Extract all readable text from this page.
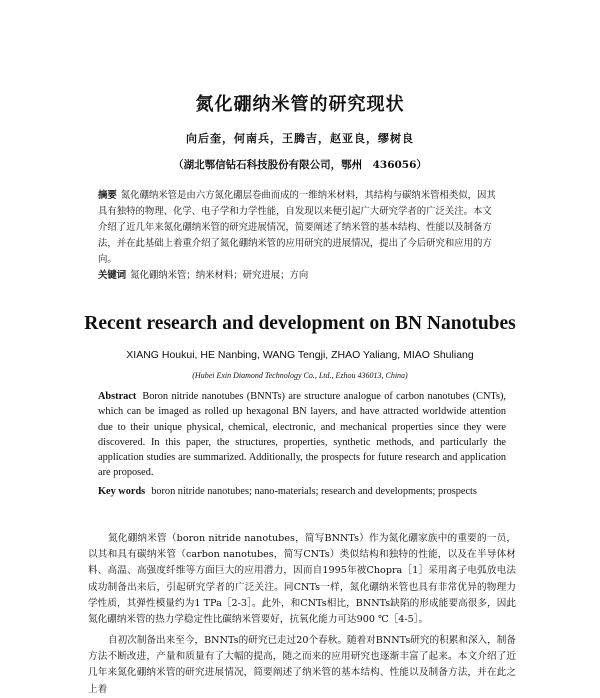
氮化硼纳米管的研究现状
向后奎，何南兵，王腾吉，赵亚良，缪树良
（湖北鄂信钻石科技股份有限公司，鄂州　436056）
摘要 氮化硼纳米管是由六方氮化硼层卷曲而成的一维纳米材料，其结构与碳纳米管相类似，因其具有独特的物理、化学、电子学和力学性能，自发现以来便引起广大研究学者的广泛关注。本文介绍了近几年来氮化硼纳米管的研究进展情况，简要阐述了纳米管的基本结构、性能以及制备方法，并在此基础上着重介绍了氮化硼纳米管的应用研究的进展情况，提出了今后研究和应用的方向。
关键词 氮化硼纳米管；纳米材料；研究进展；方向
Recent research and development on BN Nanotubes
XIANG Houkui, HE Nanbing, WANG Tengji, ZHAO Yaliang, MIAO Shuliang
(Hubei Exin Diamond Technology Co., Ltd., Ezhou 436013, China)
Abstract Boron nitride nanotubes (BNNTs) are structure analogue of carbon nanotubes (CNTs), which can be imaged as rolled up hexagonal BN layers, and have attracted worldwide attention due to their unique physical, chemical, electronic, and mechanical properties since they were discovered. In this paper, the structures, properties, synthetic methods, and particularly the application studies are summarized. Additionally, the prospects for future research and application are proposed.
Key words boron nitride nanotubes; nano-materials; research and developments; prospects
氮化硼纳米管（boron nitride nanotubes，简写BNNTs）作为氮化硼家族中的重要的一员，以其和具有碳纳米管（carbon nanotubes，简写CNTs）类似结构和独特的性能，以及在半导体材料、高温、高强度纤维等方面巨大的应用潜力，因而自1995年被Chopra［1］采用离子电弧放电法成功制备出来后，引起研究学者的广泛关注。同CNTs一样，氮化硼纳米管也具有非常优异的物理力学性质，其弹性模量约为1 TPa［2-3］。此外，和CNTs相比，BNNTs缺陷的形成能要高很多，因此氮化硼纳米管的热力学稳定性比碳纳米管要好，抗氧化能力可达900 ℃［4-5］。
自初次制备出来至今，BNNTs的研究已走过20个春秋。随着对BNNTs研究的积累和深入，制备方法不断改进，产量和质量有了大幅的提高，随之而来的应用研究也逐渐丰富了起来。本文介绍了近几年来氮化硼纳米管的研究进展情况，简要阐述了纳米管的基本结构、性能以及制备方法，并在此之上着
